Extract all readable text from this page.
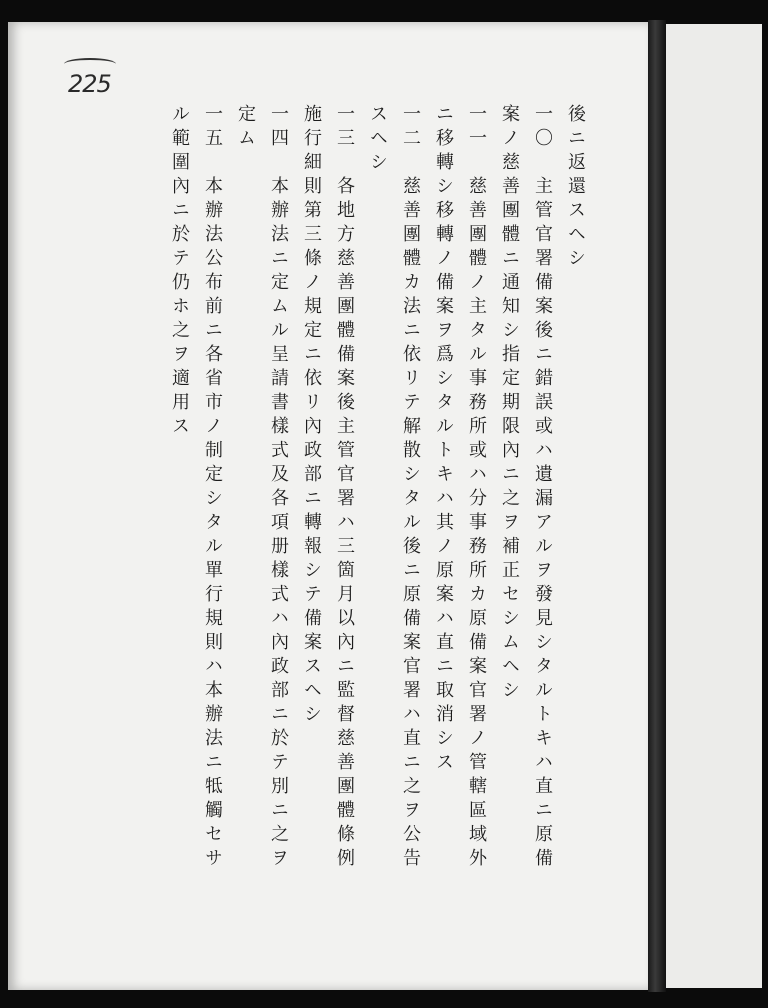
225
後ニ返還スヘシ
一〇　主管官署備案後ニ錯誤或ハ遺漏アルヲ發見シタルトキハ直ニ原備
案ノ慈善團體ニ通知シ指定期限內ニ之ヲ補正セシムヘシ
一一　慈善團體ノ主タル事務所或ハ分事務所カ原備案官署ノ管轄區域外
ニ移轉シ移轉ノ備案ヲ爲シタルトキハ其ノ原案ハ直ニ取消シス
一二　慈善團體カ法ニ依リテ解散シタル後ニ原備案官署ハ直ニ之ヲ公告
スヘシ
一三　各地方慈善團體備案後主管官署ハ三箇月以內ニ監督慈善團體條例
施行細則第三條ノ規定ニ依リ內政部ニ轉報シテ備案スヘシ
一四　本辦法ニ定ムル呈請書樣式及各項册樣式ハ內政部ニ於テ別ニ之ヲ
定ム
一五　本辦法公布前ニ各省市ノ制定シタル單行規則ハ本辦法ニ牴觸セサ
ル範圍內ニ於テ仍ホ之ヲ適用ス
